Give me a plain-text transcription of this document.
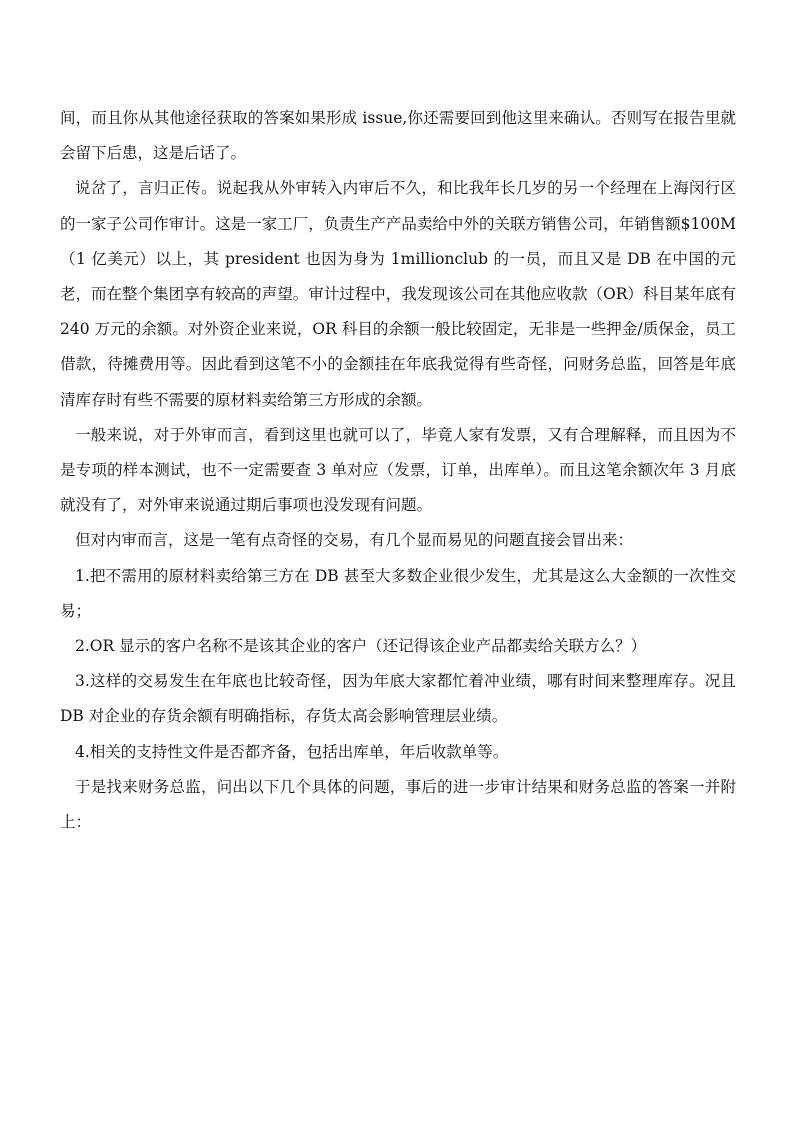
间，而且你从其他途径获取的答案如果形成 issue,你还需要回到他这里来确认。否则写在报告里就会留下后患，这是后话了。

说岔了，言归正传。说起我从外审转入内审后不久，和比我年长几岁的另一个经理在上海闵行区的一家子公司作审计。这是一家工厂，负责生产产品卖给中外的关联方销售公司，年销售额$100M（1 亿美元）以上，其 president 也因为身为 1millionclub 的一员，而且又是 DB 在中国的元老，而在整个集团享有较高的声望。审计过程中，我发现该公司在其他应收款（OR）科目某年底有 240 万元的余额。对外资企业来说，OR 科目的余额一般比较固定，无非是一些押金/质保金，员工借款，待摊费用等。因此看到这笔不小的金额挂在年底我觉得有些奇怪，问财务总监，回答是年底清库存时有些不需要的原材料卖给第三方形成的余额。

一般来说，对于外审而言，看到这里也就可以了，毕竟人家有发票，又有合理解释，而且因为不是专项的样本测试，也不一定需要查 3 单对应（发票，订单，出库单）。而且这笔余额次年 3 月底就没有了，对外审来说通过期后事项也没发现有问题。

但对内审而言，这是一笔有点奇怪的交易，有几个显而易见的问题直接会冒出来：

1.把不需用的原材料卖给第三方在 DB 甚至大多数企业很少发生，尤其是这么大金额的一次性交易；

2.OR 显示的客户名称不是该其企业的客户（还记得该企业产品都卖给关联方么？）

3.这样的交易发生在年底也比较奇怪，因为年底大家都忙着冲业绩，哪有时间来整理库存。况且 DB 对企业的存货余额有明确指标，存货太高会影响管理层业绩。

4.相关的支持性文件是否都齐备，包括出库单，年后收款单等。

于是找来财务总监，问出以下几个具体的问题，事后的进一步审计结果和财务总监的答案一并附上：
